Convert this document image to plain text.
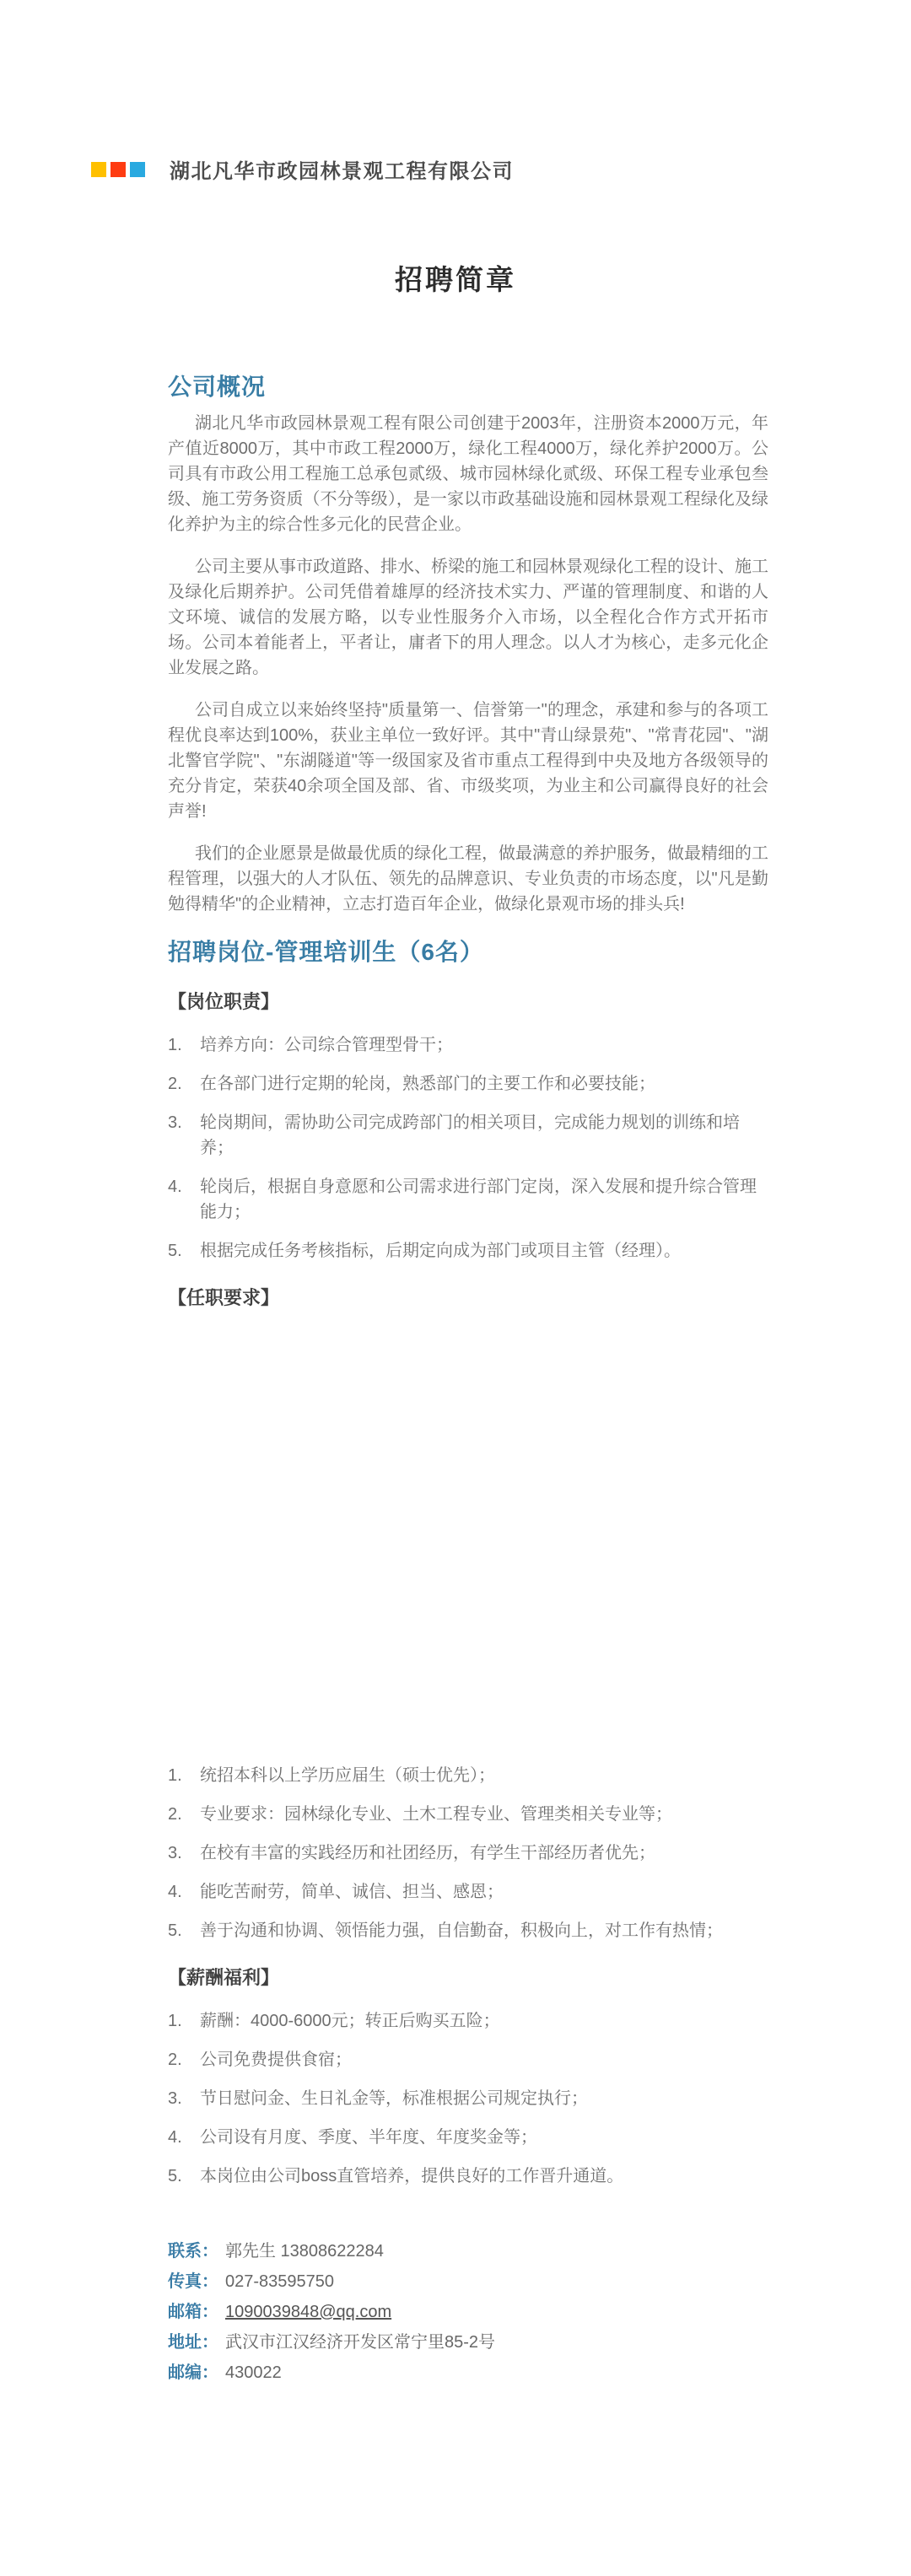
湖北凡华市政园林景观工程有限公司
招聘简章
公司概况

湖北凡华市政园林景观工程有限公司创建于2003年，注册资本2000万元，年产值近8000万，其中市政工程2000万，绿化工程4000万，绿化养护2000万。公司具有市政公用工程施工总承包贰级、城市园林绿化贰级、环保工程专业承包叁级、施工劳务资质（不分等级），是一家以市政基础设施和园林景观工程绿化及绿化养护为主的综合性多元化的民营企业。

公司主要从事市政道路、排水、桥梁的施工和园林景观绿化工程的设计、施工及绿化后期养护。公司凭借着雄厚的经济技术实力、严谨的管理制度、和谐的人文环境、诚信的发展方略，以专业性服务介入市场，以全程化合作方式开拓市场。公司本着能者上，平者让，庸者下的用人理念。以人才为核心，走多元化企业发展之路。

公司自成立以来始终坚持"质量第一、信誉第一"的理念，承建和参与的各项工程优良率达到100%，获业主单位一致好评。其中"青山绿景苑"、"常青花园"、"湖北警官学院"、"东湖隧道"等一级国家及省市重点工程得到中央及地方各级领导的充分肯定，荣获40余项全国及部、省、市级奖项，为业主和公司赢得良好的社会声誉!

我们的企业愿景是做最优质的绿化工程，做最满意的养护服务，做最精细的工程管理，以强大的人才队伍、领先的品牌意识、专业负责的市场态度，以"凡是勤勉得精华"的企业精神，立志打造百年企业，做绿化景观市场的排头兵!

招聘岗位-管理培训生（6名）
【岗位职责】
1.	培养方向：公司综合管理型骨干；
2.	在各部门进行定期的轮岗，熟悉部门的主要工作和必要技能；
3.	轮岗期间，需协助公司完成跨部门的相关项目，完成能力规划的训练和培养；
4.	轮岗后，根据自身意愿和公司需求进行部门定岗，深入发展和提升综合管理能力；
5.	根据完成任务考核指标，后期定向成为部门或项目主管（经理）。
【任职要求】
1.	统招本科以上学历应届生（硕士优先）；
2.	专业要求：园林绿化专业、土木工程专业、管理类相关专业等；
3.	在校有丰富的实践经历和社团经历，有学生干部经历者优先；
4.	能吃苦耐劳，简单、诚信、担当、感恩；
5.	善于沟通和协调、领悟能力强，自信勤奋，积极向上，对工作有热情；
【薪酬福利】
1.	薪酬：4000-6000元；转正后购买五险；
2.	公司免费提供食宿；
3.	节日慰问金、生日礼金等，标准根据公司规定执行；
4.	公司设有月度、季度、半年度、年度奖金等；
5.	本岗位由公司boss直管培养，提供良好的工作晋升通道。
联系： 郭先生 13808622284
传真： 027-83595750
邮箱： 1090039848@qq.com
地址： 武汉市江汉经济开发区常宁里85-2号
邮编： 430022
